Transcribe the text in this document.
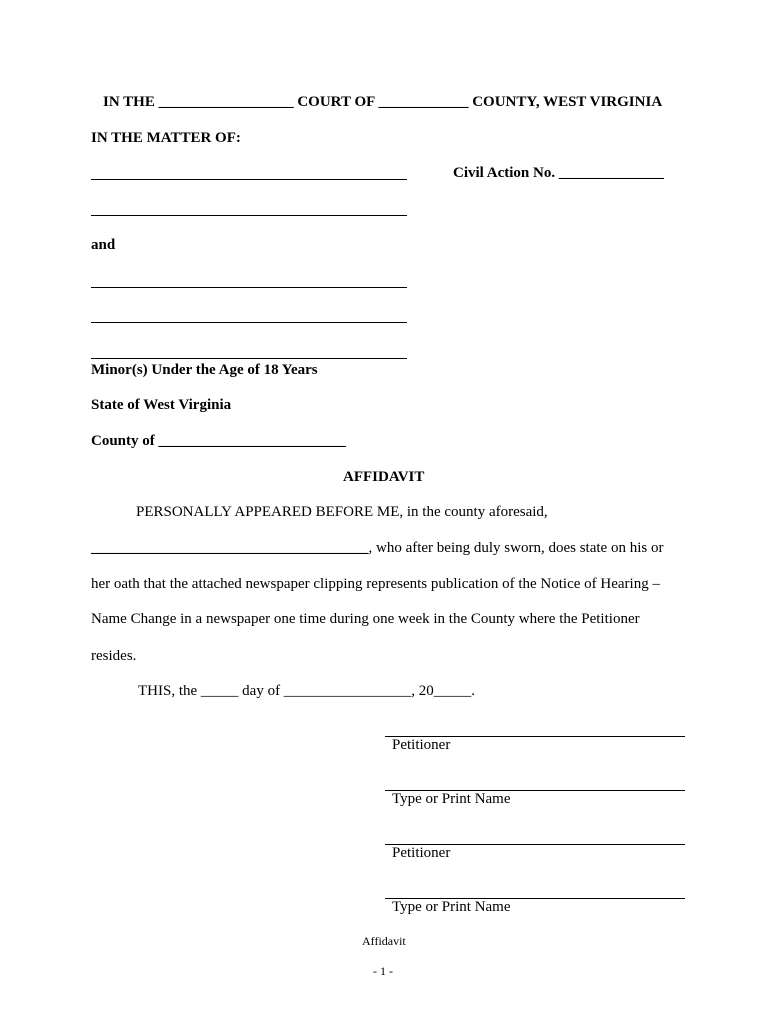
IN THE __________________ COURT OF ____________ COUNTY, WEST VIRGINIA
IN THE MATTER OF:
Civil Action No. ______________
and
Minor(s) Under the Age of 18 Years
State of West Virginia
County of _________________________
AFFIDAVIT
PERSONALLY APPEARED BEFORE ME, in the county aforesaid,
_____________________________________, who after being duly sworn, does state on his or
her oath that the attached newspaper clipping represents publication of the Notice of Hearing –
Name Change in a newspaper one time during one week in the County where the Petitioner
resides.
THIS, the _____ day of _________________, 20_____.
Petitioner
Type or Print Name
Petitioner
Type or Print Name
Affidavit
- 1 -
